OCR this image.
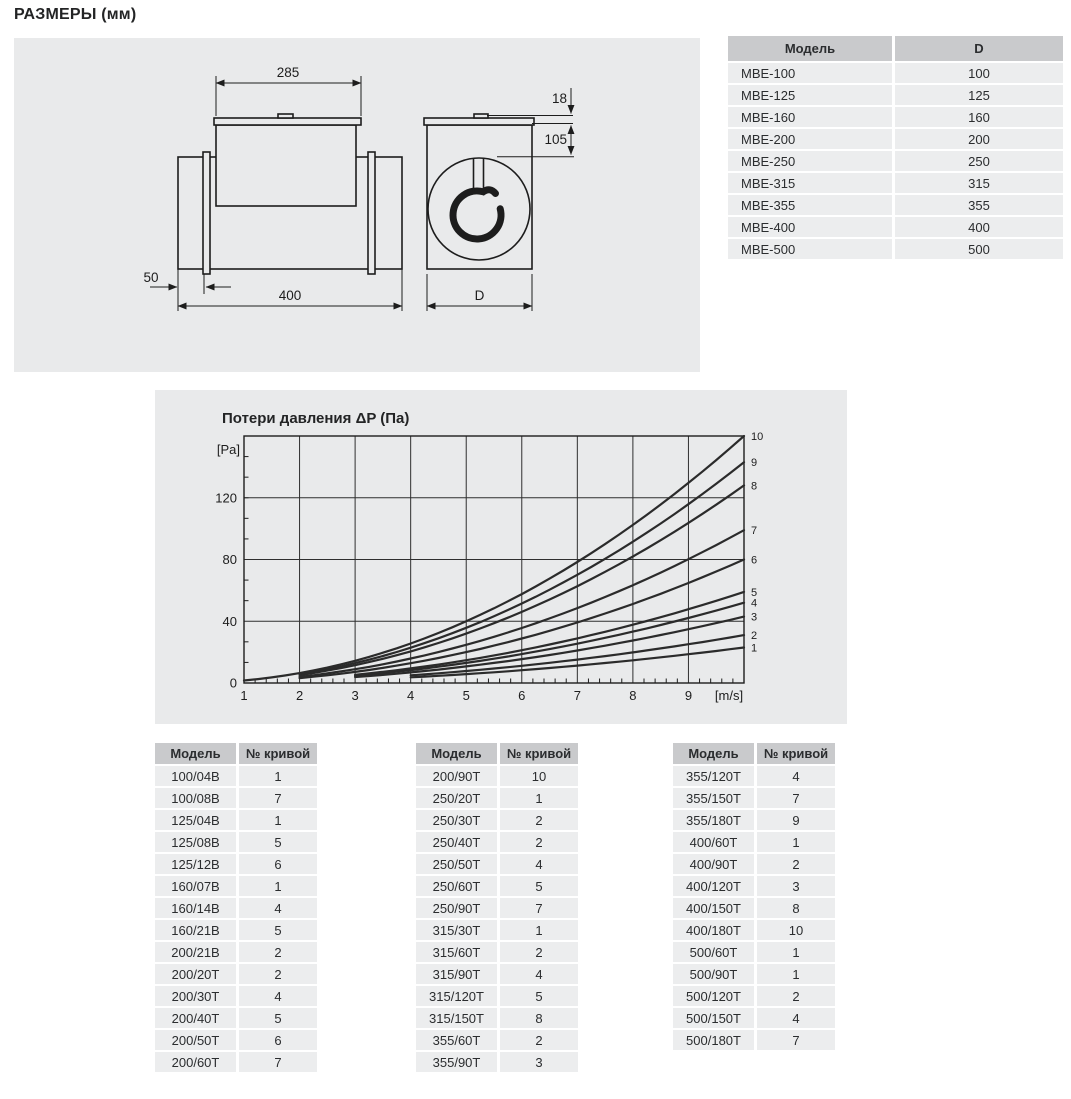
РАЗМЕРЫ (мм)
285
50
400
18
105
D
Модель	D
MBE-100	100
MBE-125	125
MBE-160	160
MBE-200	200
MBE-250	250
MBE-315	315
MBE-355	355
MBE-400	400
MBE-500	500
Потери давления ΔP (Па)
1
2
3
4
5
6
7
8
9
10
1	2	3	4	5	6	7	8	9 [m/s]
0
40
80
120
[Pa]
Модель	№ кривой
100/04B	1
100/08B	7
125/04B	1
125/08B	5
125/12B	6
160/07B	1
160/14B	4
160/21B	5
200/21B	2
200/20T	2
200/30T	4
200/40T	5
200/50T	6
200/60T	7
Модель	№ кривой
200/90T	10
250/20T	1
250/30T	2
250/40T	2
250/50T	4
250/60T	5
250/90T	7
315/30T	1
315/60T	2
315/90T	4
315/120T	5
315/150T	8
355/60T	2
355/90T	3
Модель	№ кривой
355/120T	4
355/150T	7
355/180T	9
400/60T	1
400/90T	2
400/120T	3
400/150T	8
400/180T	10
500/60T	1
500/90T	1
500/120T	2
500/150T	4
500/180T	7
